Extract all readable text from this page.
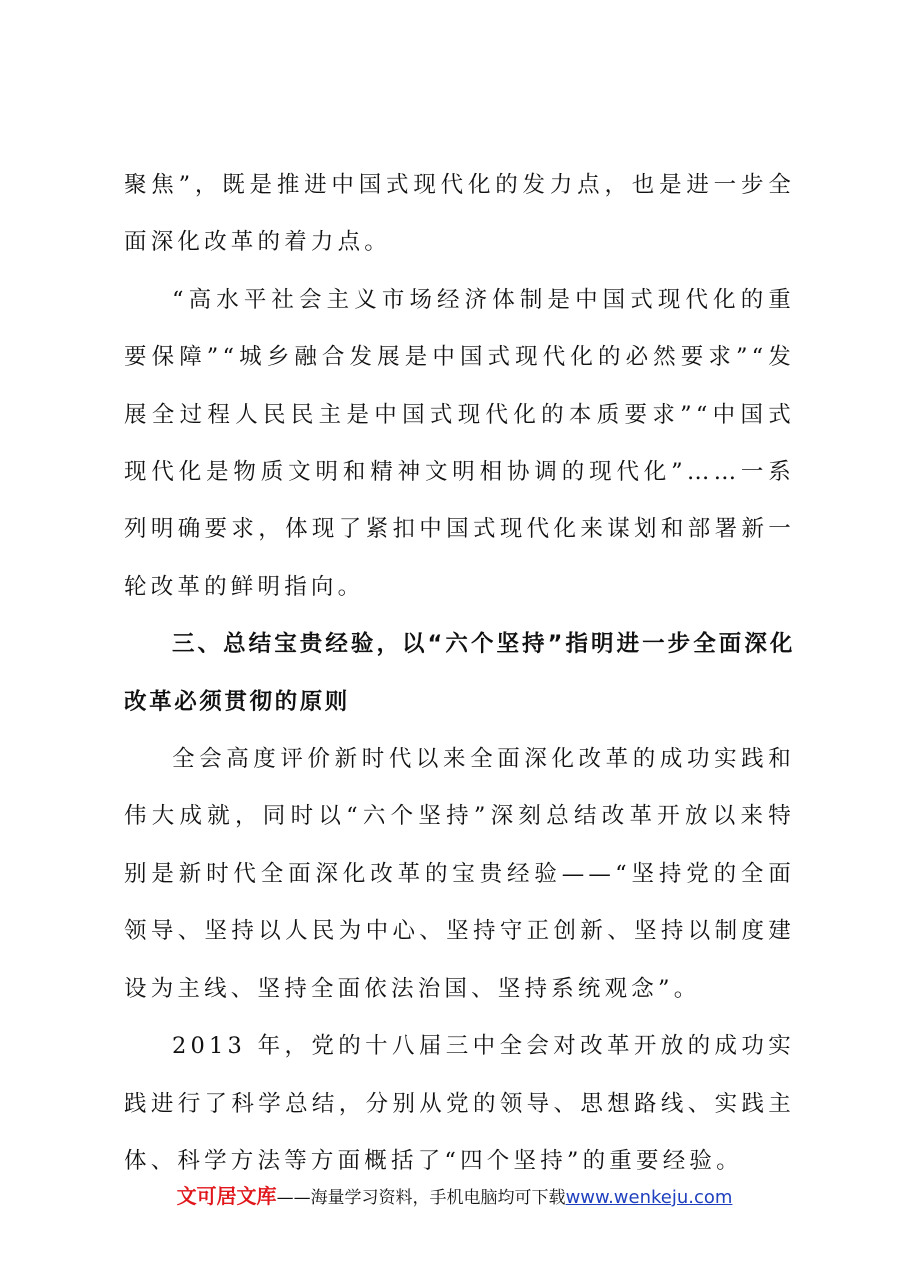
聚焦”，既是推进中国式现代化的发力点，也是进一步全面深化改革的着力点。

“高水平社会主义市场经济体制是中国式现代化的重要保障”“城乡融合发展是中国式现代化的必然要求”“发展全过程人民民主是中国式现代化的本质要求”“中国式现代化是物质文明和精神文明相协调的现代化”……一系列明确要求，体现了紧扣中国式现代化来谋划和部署新一轮改革的鲜明指向。

三、总结宝贵经验，以“六个坚持”指明进一步全面深化改革必须贯彻的原则

全会高度评价新时代以来全面深化改革的成功实践和伟大成就，同时以“六个坚持”深刻总结改革开放以来特别是新时代全面深化改革的宝贵经验——“坚持党的全面领导、坚持以人民为中心、坚持守正创新、坚持以制度建设为主线、坚持全面依法治国、坚持系统观念”。

2013 年，党的十八届三中全会对改革开放的成功实践进行了科学总结，分别从党的领导、思想路线、实践主体、科学方法等方面概括了“四个坚持”的重要经验。

文可居文库——海量学习资料，手机电脑均可下载www.wenkeju.com
